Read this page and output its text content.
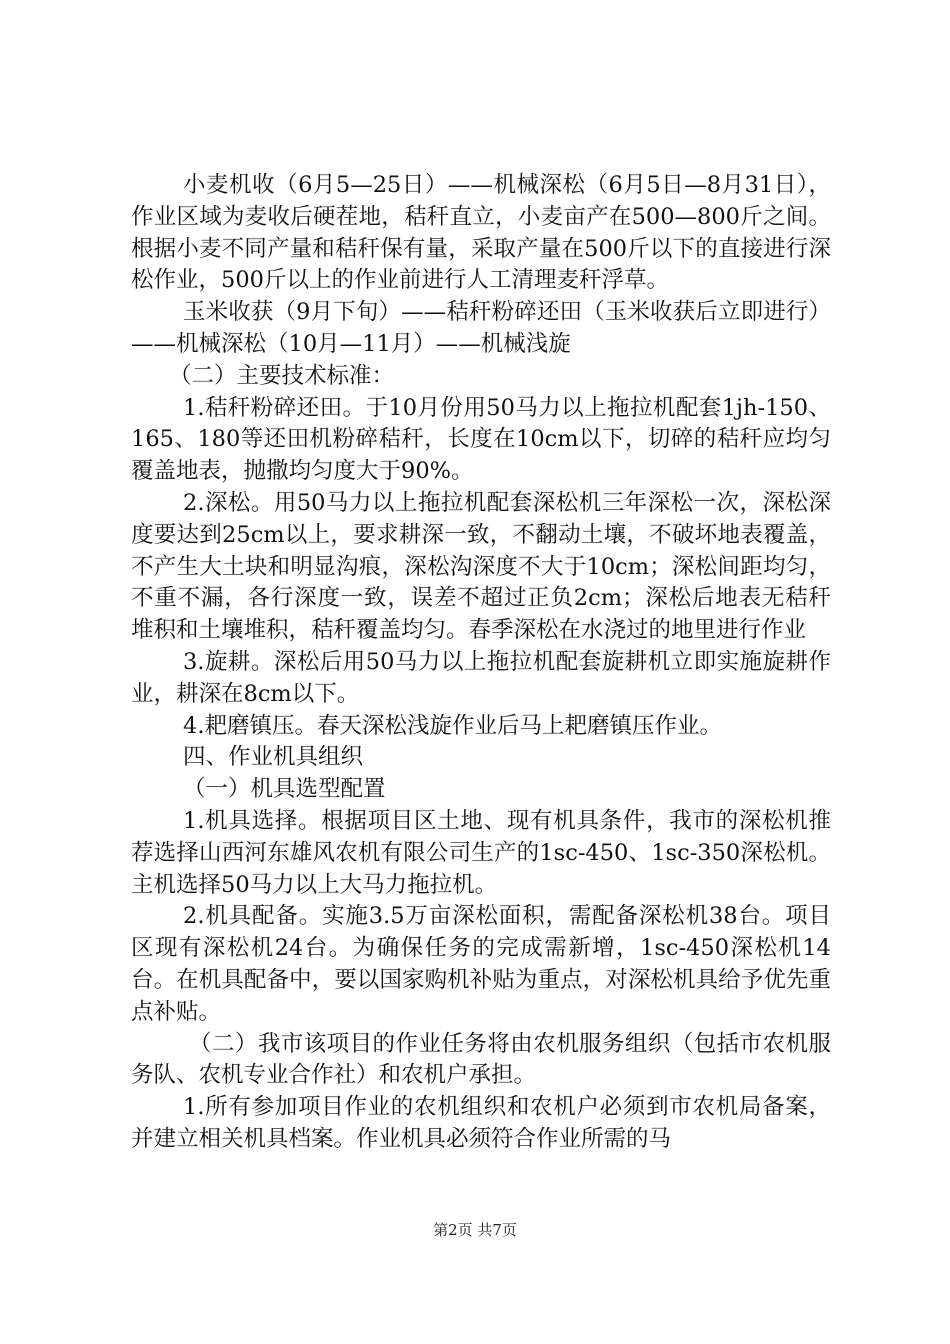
小麦机收（6月5—25日）——机械深松（6月5日—8月31日），作业区域为麦收后硬茬地，秸秆直立，小麦亩产在500—800斤之间。根据小麦不同产量和秸秆保有量，采取产量在500斤以下的直接进行深松作业，500斤以上的作业前进行人工清理麦秆浮草。

玉米收获（9月下旬）——秸秆粉碎还田（玉米收获后立即进行）——机械深松（10月—11月）——机械浅旋

（二）主要技术标准：

1.秸秆粉碎还田。于10月份用50马力以上拖拉机配套1jh-150、165、180等还田机粉碎秸秆，长度在10cm以下，切碎的秸秆应均匀覆盖地表，抛撒均匀度大于90%。

2.深松。用50马力以上拖拉机配套深松机三年深松一次，深松深度要达到25cm以上，要求耕深一致，不翻动土壤，不破坏地表覆盖，不产生大土块和明显沟痕，深松沟深度不大于10cm；深松间距均匀，不重不漏，各行深度一致，误差不超过正负2cm；深松后地表无秸秆堆积和土壤堆积，秸秆覆盖均匀。春季深松在水浇过的地里进行作业

3.旋耕。深松后用50马力以上拖拉机配套旋耕机立即实施旋耕作业，耕深在8cm以下。

4.耙磨镇压。春天深松浅旋作业后马上耙磨镇压作业。

四、作业机具组织

（一）机具选型配置

1.机具选择。根据项目区土地、现有机具条件，我市的深松机推荐选择山西河东雄风农机有限公司生产的1sc-450、1sc-350深松机。主机选择50马力以上大马力拖拉机。

2.机具配备。实施3.5万亩深松面积，需配备深松机38台。项目区现有深松机24台。为确保任务的完成需新增，1sc-450深松机14台。在机具配备中，要以国家购机补贴为重点，对深松机具给予优先重点补贴。

（二）我市该项目的作业任务将由农机服务组织（包括市农机服务队、农机专业合作社）和农机户承担。

1.所有参加项目作业的农机组织和农机户必须到市农机局备案，并建立相关机具档案。作业机具必须符合作业所需的马

第2页 共7页
